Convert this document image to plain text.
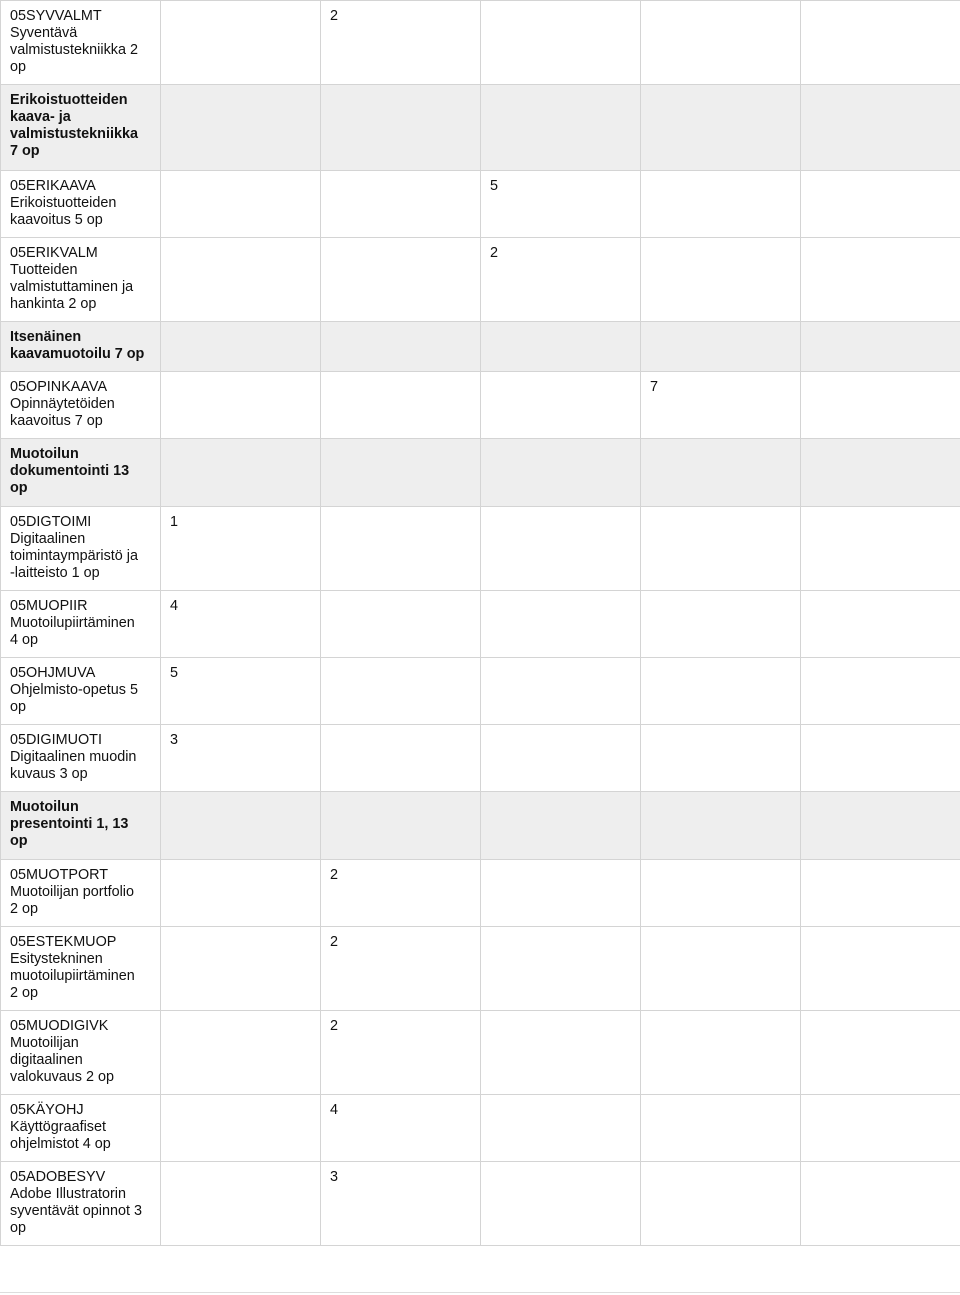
05SYVVALMT
Syventävä
valmistustekniikka 2
op		2			
Erikoistuotteiden
kaava- ja
valmistustekniikka
7 op					
05ERIKAAVA
Erikoistuotteiden
kaavoitus 5 op			5		
05ERIKVALM
Tuotteiden
valmistuttaminen ja
hankinta 2 op			2		
Itsenäinen
kaavamuotoilu 7 op					
05OPINKAAVA
Opinnäytetöiden
kaavoitus 7 op				7	
Muotoilun
dokumentointi 13
op					
05DIGTOIMI
Digitaalinen
toimintaympäristö ja
-laitteisto 1 op	1				
05MUOPIIR
Muotoilupiirtäminen
4 op	4				
05OHJMUVA
Ohjelmisto-opetus 5
op	5				
05DIGIMUOTI
Digitaalinen muodin
kuvaus 3 op	3				
Muotoilun
presentointi 1, 13
op					
05MUOTPORT
Muotoilijan portfolio
2 op		2			
05ESTEKMUOP
Esitystekninen
muotoilupiirtäminen
2 op		2			
05MUODIGIVK
Muotoilijan
digitaalinen
valokuvaus 2 op		2			
05KÄYOHJ
Käyttögraafiset
ohjelmistot 4 op		4			
05ADOBESYV
Adobe Illustratorin
syventävät opinnot 3
op		3			
